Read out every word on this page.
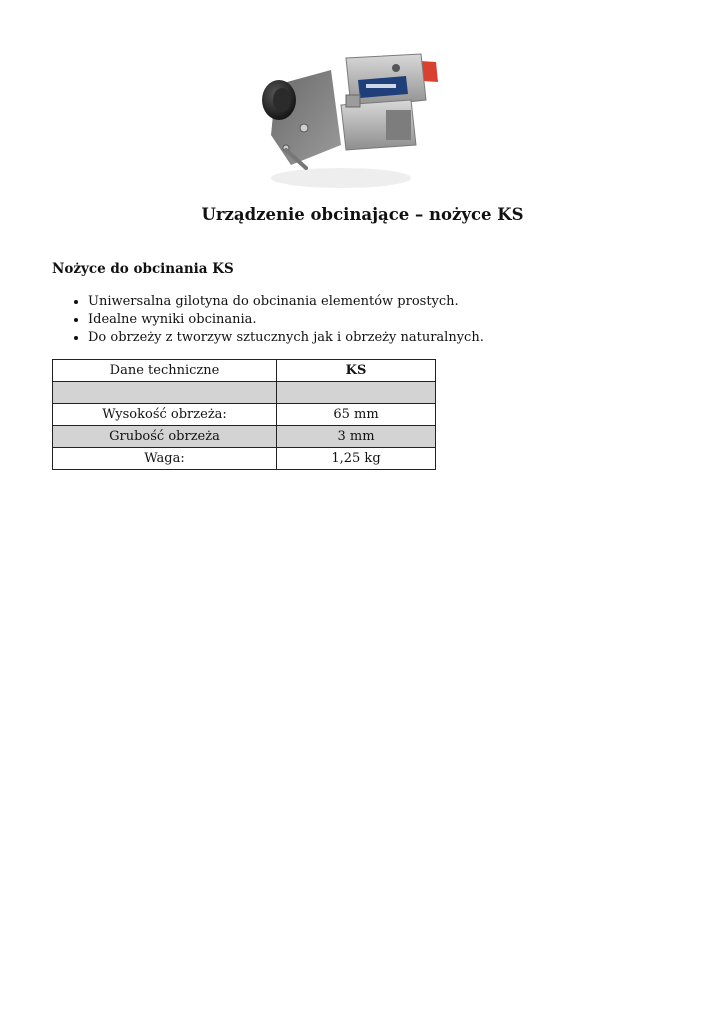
Urządzenie obcinające – nożyce KS
Nożyce do obcinania KS
• Uniwersalna gilotyna do obcinania elementów prostych.
• Idealne wyniki obcinania.
• Do obrzeży z tworzyw sztucznych jak i obrzeży naturalnych.
Dane techniczne	KS

Wysokość obrzeża:	65 mm
Grubość obrzeża	3 mm
Waga:	1,25 kg
